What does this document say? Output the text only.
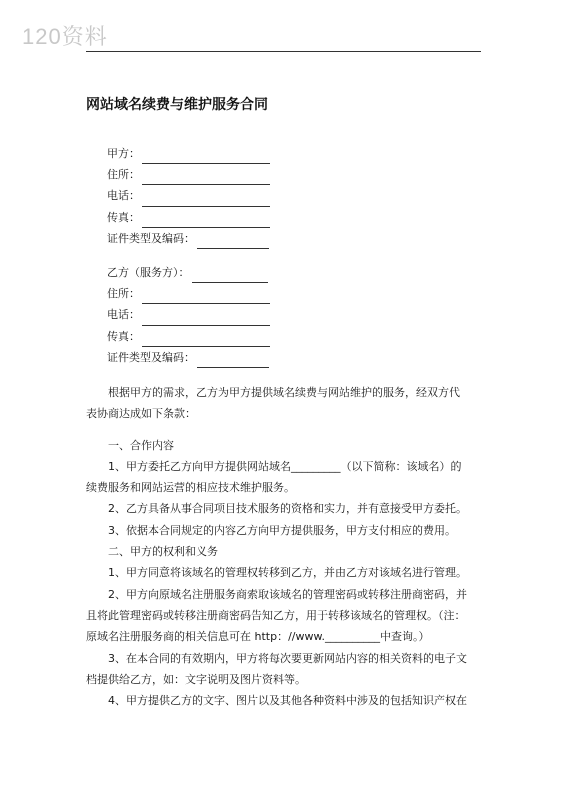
120资料
网站域名续费与维护服务合同
甲方：
住所：
电话：
传真：
证件类型及编码：
乙方（服务方）：
住所：
电话：
传真：
证件类型及编码：
根据甲方的需求，乙方为甲方提供域名续费与网站维护的服务，经双方代
表协商达成如下条款：
一、合作内容
1、甲方委托乙方向甲方提供网站域名_________（以下简称：该域名）的
续费服务和网站运营的相应技术维护服务。
2、乙方具备从事合同项目技术服务的资格和实力，并有意接受甲方委托。
3、依据本合同规定的内容乙方向甲方提供服务，甲方支付相应的费用。
二、甲方的权利和义务
1、甲方同意将该域名的管理权转移到乙方，并由乙方对该域名进行管理。
2、甲方向原域名注册服务商索取该域名的管理密码或转移注册商密码，并
且将此管理密码或转移注册商密码告知乙方，用于转移该域名的管理权。（注：
原域名注册服务商的相关信息可在 http：//www.__________中查询。）
3、在本合同的有效期内，甲方将每次要更新网站内容的相关资料的电子文
档提供给乙方，如：文字说明及图片资料等。
4、甲方提供乙方的文字、图片以及其他各种资料中涉及的包括知识产权在
